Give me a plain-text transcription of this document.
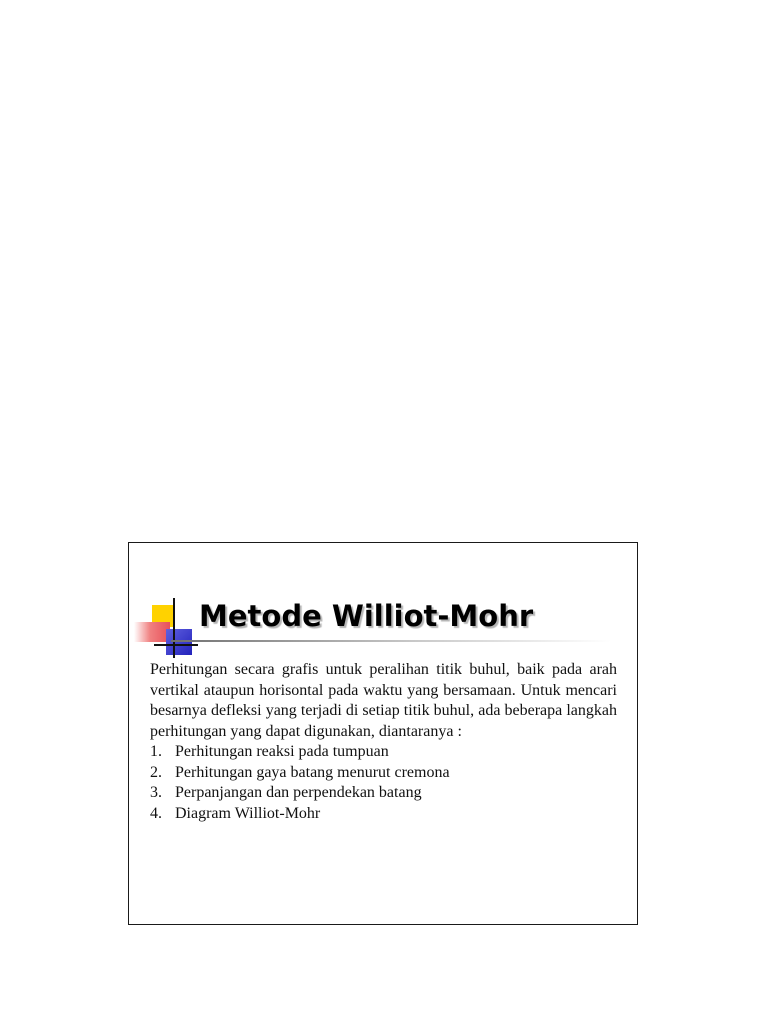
Metode Williot-Mohr

Perhitungan secara grafis untuk peralihan titik buhul, baik pada arah vertikal ataupun horisontal pada waktu yang bersamaan. Untuk mencari besarnya defleksi yang terjadi di setiap titik buhul, ada beberapa langkah perhitungan yang dapat digunakan, diantaranya :

1. Perhitungan reaksi pada tumpuan
2. Perhitungan gaya batang menurut cremona
3. Perpanjangan dan perpendekan batang
4. Diagram Williot-Mohr
